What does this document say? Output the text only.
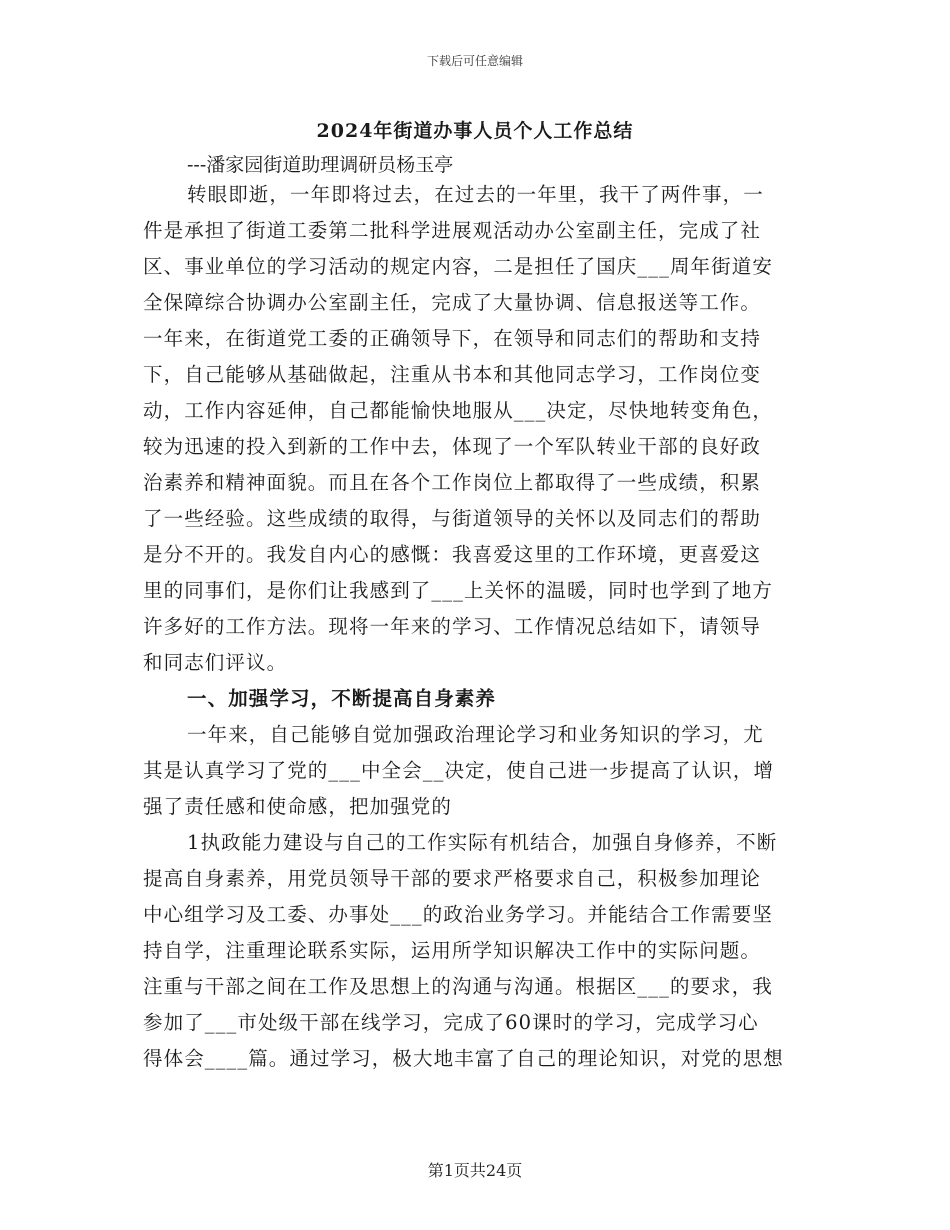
下载后可任意编辑
2024年街道办事人员个人工作总结
---潘家园街道助理调研员杨玉亭
转眼即逝，一年即将过去，在过去的一年里，我干了两件事，一
件是承担了街道工委第二批科学进展观活动办公室副主任，完成了社
区、事业单位的学习活动的规定内容，二是担任了国庆___周年街道安
全保障综合协调办公室副主任，完成了大量协调、信息报送等工作。
一年来，在街道党工委的正确领导下，在领导和同志们的帮助和支持
下，自己能够从基础做起，注重从书本和其他同志学习，工作岗位变
动，工作内容延伸，自己都能愉快地服从___决定，尽快地转变角色，
较为迅速的投入到新的工作中去，体现了一个军队转业干部的良好政
治素养和精神面貌。而且在各个工作岗位上都取得了一些成绩，积累
了一些经验。这些成绩的取得，与街道领导的关怀以及同志们的帮助
是分不开的。我发自内心的感慨：我喜爱这里的工作环境，更喜爱这
里的同事们，是你们让我感到了___上关怀的温暖，同时也学到了地方
许多好的工作方法。现将一年来的学习、工作情况总结如下，请领导
和同志们评议。
一、加强学习，不断提高自身素养
一年来，自己能够自觉加强政治理论学习和业务知识的学习，尤
其是认真学习了党的___中全会__决定，使自己进一步提高了认识，增
强了责任感和使命感，把加强党的
1执政能力建设与自己的工作实际有机结合，加强自身修养，不断
提高自身素养，用党员领导干部的要求严格要求自己，积极参加理论
中心组学习及工委、办事处___的政治业务学习。并能结合工作需要坚
持自学，注重理论联系实际，运用所学知识解决工作中的实际问题。
注重与干部之间在工作及思想上的沟通与沟通。根据区___的要求，我
参加了___市处级干部在线学习，完成了60课时的学习，完成学习心
得体会____篇。通过学习，极大地丰富了自己的理论知识，对党的思想
第1页共24页
